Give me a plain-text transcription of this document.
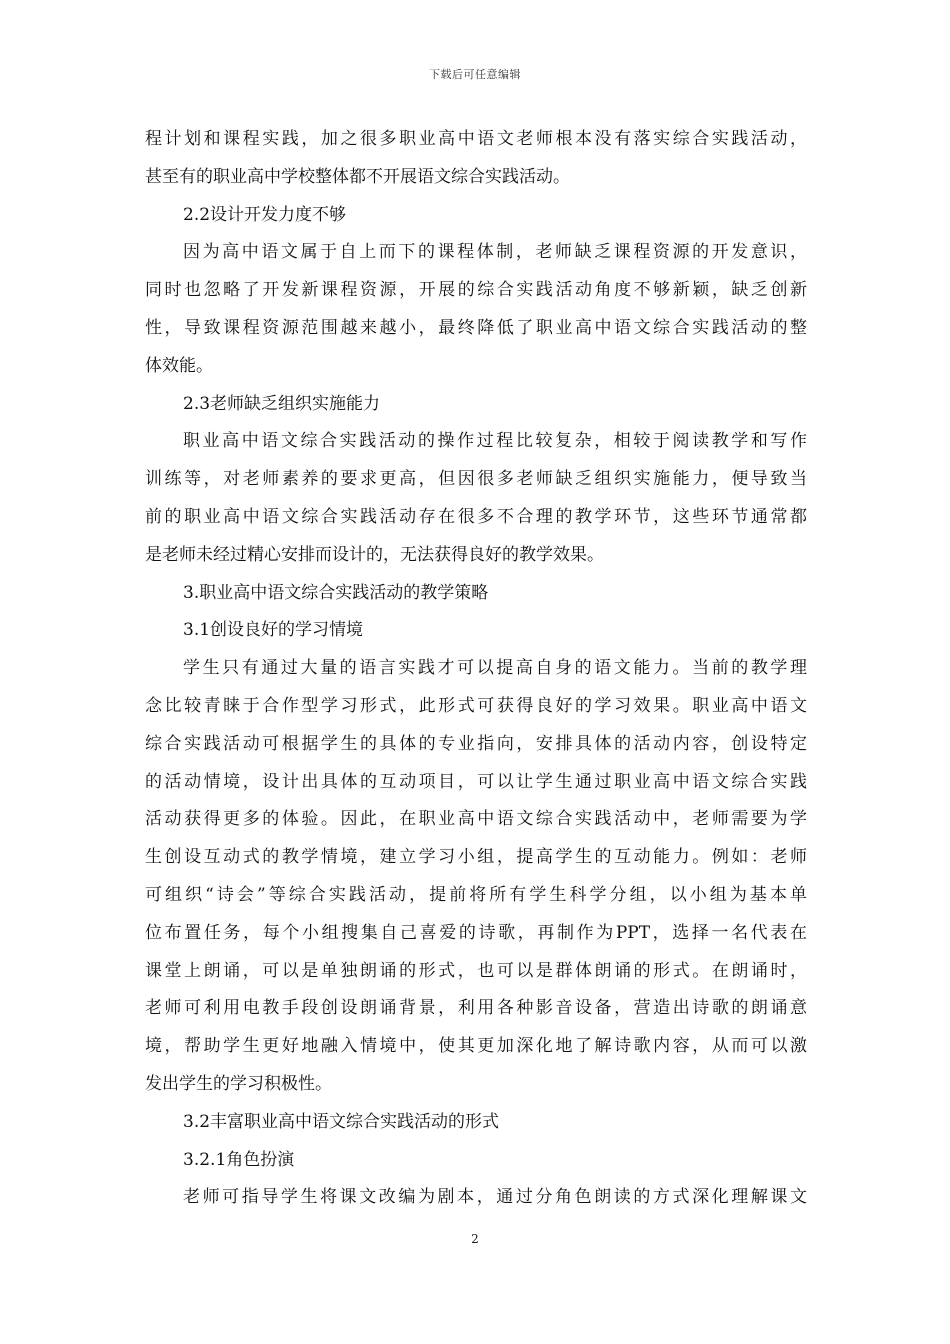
下载后可任意编辑
程计划和课程实践，加之很多职业高中语文老师根本没有落实综合实践活动，
甚至有的职业高中学校整体都不开展语文综合实践活动。
2.2设计开发力度不够
因为高中语文属于自上而下的课程体制，老师缺乏课程资源的开发意识，
同时也忽略了开发新课程资源，开展的综合实践活动角度不够新颖，缺乏创新
性，导致课程资源范围越来越小，最终降低了职业高中语文综合实践活动的整
体效能。
2.3老师缺乏组织实施能力
职业高中语文综合实践活动的操作过程比较复杂，相较于阅读教学和写作
训练等，对老师素养的要求更高，但因很多老师缺乏组织实施能力，便导致当
前的职业高中语文综合实践活动存在很多不合理的教学环节，这些环节通常都
是老师未经过精心安排而设计的，无法获得良好的教学效果。
3.职业高中语文综合实践活动的教学策略
3.1创设良好的学习情境
学生只有通过大量的语言实践才可以提高自身的语文能力。当前的教学理
念比较青睐于合作型学习形式，此形式可获得良好的学习效果。职业高中语文
综合实践活动可根据学生的具体的专业指向，安排具体的活动内容，创设特定
的活动情境，设计出具体的互动项目，可以让学生通过职业高中语文综合实践
活动获得更多的体验。因此，在职业高中语文综合实践活动中，老师需要为学
生创设互动式的教学情境，建立学习小组，提高学生的互动能力。例如：老师
可组织“诗会”等综合实践活动，提前将所有学生科学分组，以小组为基本单
位布置任务，每个小组搜集自己喜爱的诗歌，再制作为PPT，选择一名代表在
课堂上朗诵，可以是单独朗诵的形式，也可以是群体朗诵的形式。在朗诵时，
老师可利用电教手段创设朗诵背景，利用各种影音设备，营造出诗歌的朗诵意
境，帮助学生更好地融入情境中，使其更加深化地了解诗歌内容，从而可以激
发出学生的学习积极性。
3.2丰富职业高中语文综合实践活动的形式
3.2.1角色扮演
老师可指导学生将课文改编为剧本，通过分角色朗读的方式深化理解课文
2
